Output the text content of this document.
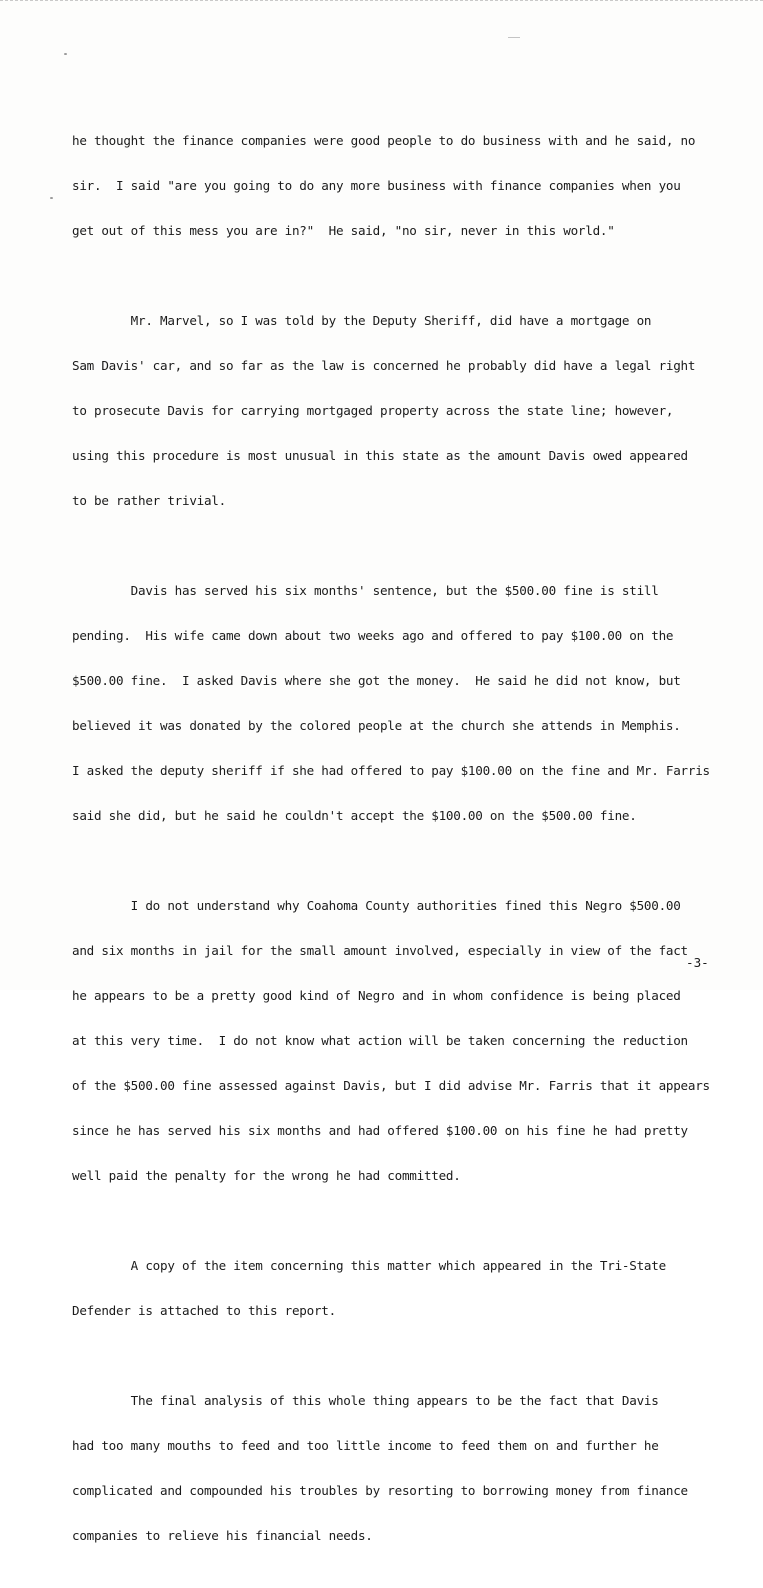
he thought the finance companies were good people to do business with and he said, no

sir.  I said "are you going to do any more business with finance companies when you

get out of this mess you are in?"  He said, "no sir, never in this world."

Mr. Marvel, so I was told by the Deputy Sheriff, did have a mortgage on

Sam Davis' car, and so far as the law is concerned he probably did have a legal right

to prosecute Davis for carrying mortgaged property across the state line; however,

using this procedure is most unusual in this state as the amount Davis owed appeared

to be rather trivial.

Davis has served his six months' sentence, but the $500.00 fine is still

pending.  His wife came down about two weeks ago and offered to pay $100.00 on the

$500.00 fine.  I asked Davis where she got the money.  He said he did not know, but

believed it was donated by the colored people at the church she attends in Memphis.

I asked the deputy sheriff if she had offered to pay $100.00 on the fine and Mr. Farris

said she did, but he said he couldn't accept the $100.00 on the $500.00 fine.

I do not understand why Coahoma County authorities fined this Negro $500.00

and six months in jail for the small amount involved, especially in view of the fact

he appears to be a pretty good kind of Negro and in whom confidence is being placed

at this very time.  I do not know what action will be taken concerning the reduction

of the $500.00 fine assessed against Davis, but I did advise Mr. Farris that it appears

since he has served his six months and had offered $100.00 on his fine he had pretty

well paid the penalty for the wrong he had committed.

A copy of the item concerning this matter which appeared in the Tri-State

Defender is attached to this report.

The final analysis of this whole thing appears to be the fact that Davis

had too many mouths to feed and too little income to feed them on and further he

complicated and compounded his troubles by resorting to borrowing money from finance

companies to relieve his financial needs.

-3-
